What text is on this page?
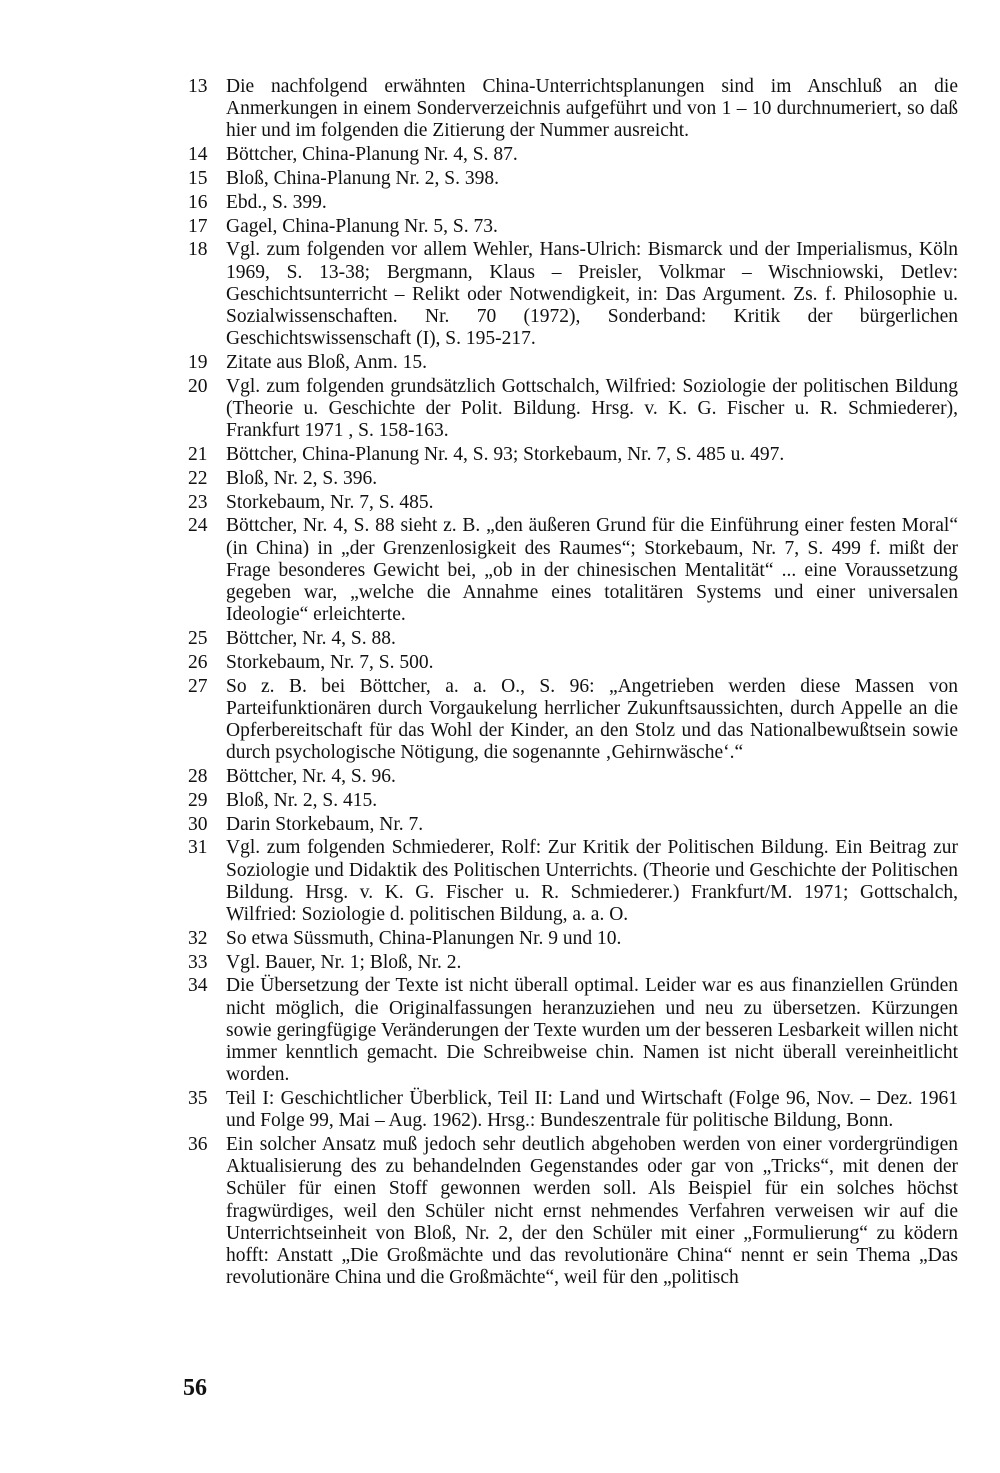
13 Die nachfolgend erwähnten China-Unterrichtsplanungen sind im Anschluß an die Anmerkungen in einem Sonderverzeichnis aufgeführt und von 1 – 10 durchnumeriert, so daß hier und im folgenden die Zitierung der Nummer ausreicht.
14 Böttcher, China-Planung Nr. 4, S. 87.
15 Bloß, China-Planung Nr. 2, S. 398.
16 Ebd., S. 399.
17 Gagel, China-Planung Nr. 5, S. 73.
18 Vgl. zum folgenden vor allem Wehler, Hans-Ulrich: Bismarck und der Imperialismus, Köln 1969, S. 13-38; Bergmann, Klaus – Preisler, Volkmar – Wischniowski, Detlev: Geschichtsunterricht – Relikt oder Notwendigkeit, in: Das Argument. Zs. f. Philosophie u. Sozialwissenschaften. Nr. 70 (1972), Sonderband: Kritik der bürgerlichen Geschichtswissenschaft (I), S. 195-217.
19 Zitate aus Bloß, Anm. 15.
20 Vgl. zum folgenden grundsätzlich Gottschalch, Wilfried: Soziologie der politischen Bildung (Theorie u. Geschichte der Polit. Bildung. Hrsg. v. K. G. Fischer u. R. Schmiederer), Frankfurt 1971 , S. 158-163.
21 Böttcher, China-Planung Nr. 4, S. 93; Storkebaum, Nr. 7, S. 485 u. 497.
22 Bloß, Nr. 2, S. 396.
23 Storkebaum, Nr. 7, S. 485.
24 Böttcher, Nr. 4, S. 88 sieht z. B. „den äußeren Grund für die Einführung einer festen Moral“ (in China) in „der Grenzenlosigkeit des Raumes“; Storkebaum, Nr. 7, S. 499 f. mißt der Frage besonderes Gewicht bei, „ob in der chinesischen Mentalität“ ... eine Voraussetzung gegeben war, „welche die Annahme eines totalitären Systems und einer universalen Ideologie“ erleichterte.
25 Böttcher, Nr. 4, S. 88.
26 Storkebaum, Nr. 7, S. 500.
27 So z. B. bei Böttcher, a. a. O., S. 96: „Angetrieben werden diese Massen von Parteifunktionären durch Vorgaukelung herrlicher Zukunftsaussichten, durch Appelle an die Opferbereitschaft für das Wohl der Kinder, an den Stolz und das Nationalbewußtsein sowie durch psychologische Nötigung, die sogenannte ‚Gehirnwäsche‘.“
28 Böttcher, Nr. 4, S. 96.
29 Bloß, Nr. 2, S. 415.
30 Darin Storkebaum, Nr. 7.
31 Vgl. zum folgenden Schmiederer, Rolf: Zur Kritik der Politischen Bildung. Ein Beitrag zur Soziologie und Didaktik des Politischen Unterrichts. (Theorie und Geschichte der Politischen Bildung. Hrsg. v. K. G. Fischer u. R. Schmiederer.) Frankfurt/M. 1971; Gottschalch, Wilfried: Soziologie d. politischen Bildung, a. a. O.
32 So etwa Süssmuth, China-Planungen Nr. 9 und 10.
33 Vgl. Bauer, Nr. 1; Bloß, Nr. 2.
34 Die Übersetzung der Texte ist nicht überall optimal. Leider war es aus finanziellen Gründen nicht möglich, die Originalfassungen heranzuziehen und neu zu übersetzen. Kürzungen sowie geringfügige Veränderungen der Texte wurden um der besseren Lesbarkeit willen nicht immer kenntlich gemacht. Die Schreibweise chin. Namen ist nicht überall vereinheitlicht worden.
35 Teil I: Geschichtlicher Überblick, Teil II: Land und Wirtschaft (Folge 96, Nov. – Dez. 1961 und Folge 99, Mai – Aug. 1962). Hrsg.: Bundeszentrale für politische Bildung, Bonn.
36 Ein solcher Ansatz muß jedoch sehr deutlich abgehoben werden von einer vordergründigen Aktualisierung des zu behandelnden Gegenstandes oder gar von „Tricks“, mit denen der Schüler für einen Stoff gewonnen werden soll. Als Beispiel für ein solches höchst fragwürdiges, weil den Schüler nicht ernst nehmendes Verfahren verweisen wir auf die Unterrichtseinheit von Bloß, Nr. 2, der den Schüler mit einer „Formulierung“ zu ködern hofft: Anstatt „Die Großmächte und das revolutionäre China“ nennt er sein Thema „Das revolutionäre China und die Großmächte“, weil für den „politisch
56
